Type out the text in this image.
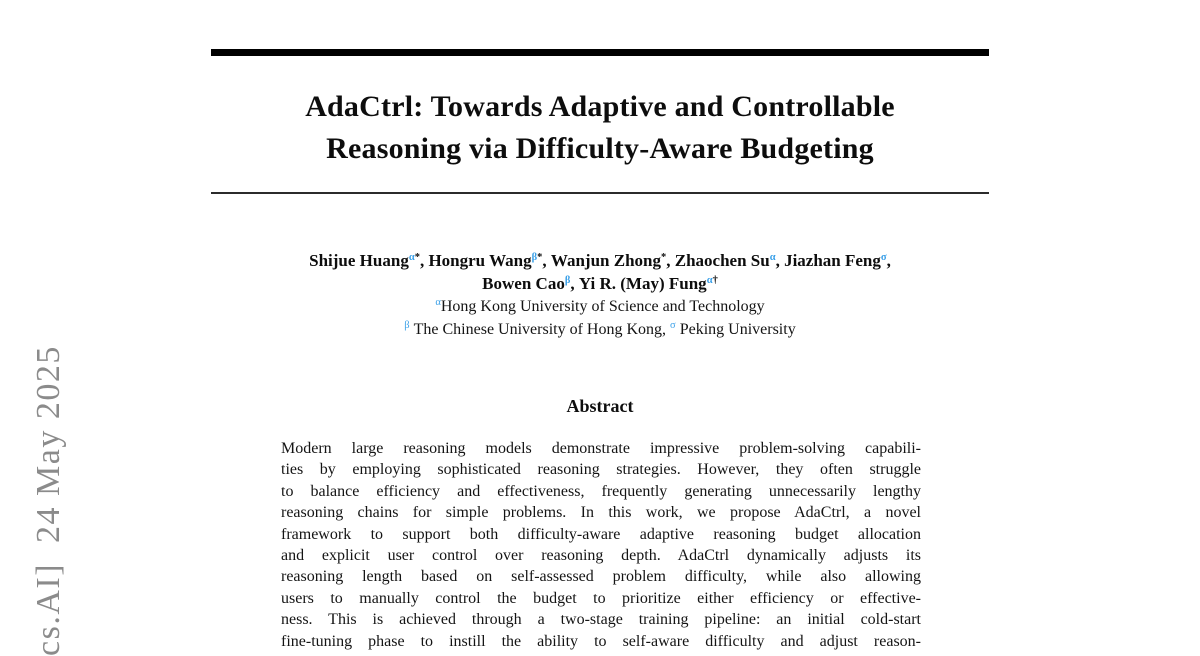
cs.AI]  24 May 2025
AdaCtrl: Towards Adaptive and Controllable
Reasoning via Difficulty-Aware Budgeting
Shijue Huang$^{\alpha*}$, Hongru Wang$^{\beta*}$, Wanjun Zhong*, Zhaochen $Su^\alpha$, Jiazhan Feng$^\sigma$,
Bowen Cao$^\beta$, Yi R. (May) Fung$^{\alpha\dagger}$
$^\alpha$Hong Kong University of Science and Technology
$^\beta$ The Chinese University of Hong Kong, $^\sigma$ Peking University
Abstract
Modern large reasoning models demonstrate impressive problem-solving capabili-
ties by employing sophisticated reasoning strategies. However, they often struggle
to balance efficiency and effectiveness, frequently generating unnecessarily lengthy
reasoning chains for simple problems. In this work, we propose AdaCtrl, a novel
framework to support both difficulty-aware adaptive reasoning budget allocation
and explicit user control over reasoning depth. AdaCtrl dynamically adjusts its
reasoning length based on self-assessed problem difficulty, while also allowing
users to manually control the budget to prioritize either efficiency or effective-
ness. This is achieved through a two-stage training pipeline: an initial cold-start
fine-tuning phase to instill the ability to self-aware difficulty and adjust reason-
